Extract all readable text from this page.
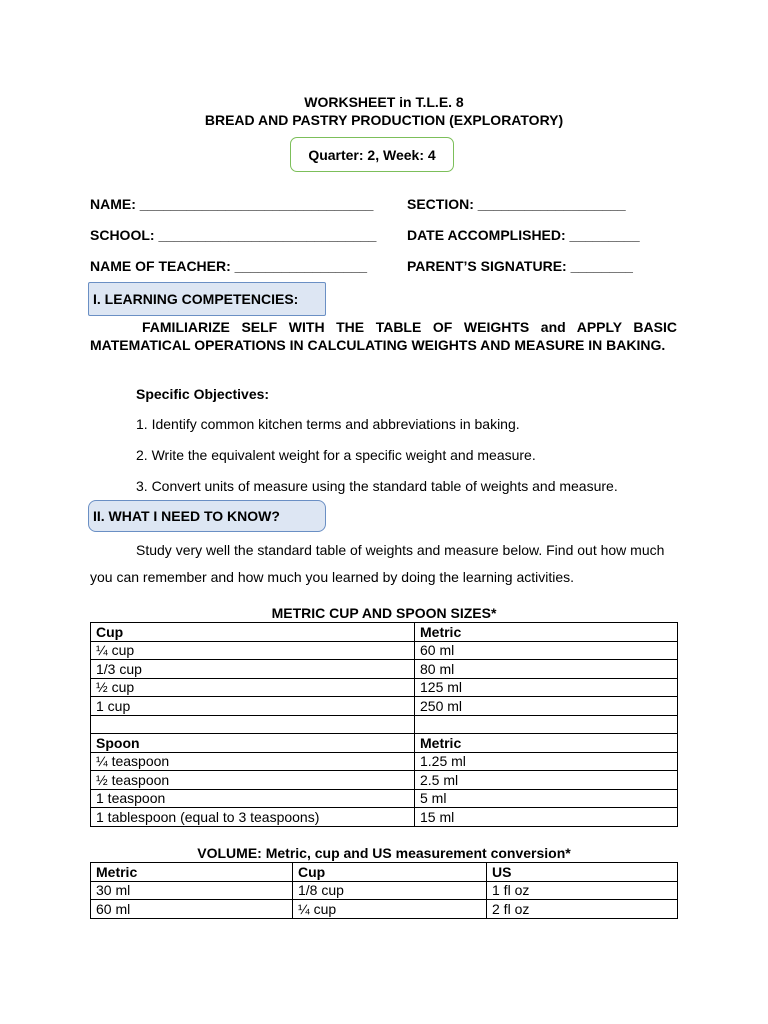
WORKSHEET in T.L.E. 8
BREAD AND PASTRY PRODUCTION (EXPLORATORY)
Quarter: 2, Week: 4
NAME: ______________________________ SECTION: ___________________
SCHOOL: ____________________________ DATE ACCOMPLISHED: _________
NAME OF TEACHER: _________________	PARENT’S SIGNATURE: ________
I. LEARNING COMPETENCIES:
FAMILIARIZE SELF WITH THE TABLE OF WEIGHTS and APPLY BASIC MATEMATICAL OPERATIONS IN CALCULATING WEIGHTS AND MEASURE IN BAKING.
Specific Objectives:
1. Identify common kitchen terms and abbreviations in baking.
2. Write the equivalent weight for a specific weight and measure.
3. Convert units of measure using the standard table of weights and measure.
II. WHAT I NEED TO KNOW?
Study very well the standard table of weights and measure below. Find out how much you can remember and how much you learned by doing the learning activities.
METRIC CUP AND SPOON SIZES*
Cup	Metric
¼ cup	60 ml
1/3 cup	80 ml
½ cup	125 ml
1 cup	250 ml

Spoon	Metric
¼ teaspoon	1.25 ml
½ teaspoon	2.5 ml
1 teaspoon	5 ml
1 tablespoon (equal to 3 teaspoons)	15 ml
VOLUME: Metric, cup and US measurement conversion*
Metric	Cup	US
30 ml	1/8 cup	1 fl oz
60 ml	¼ cup	2 fl oz
